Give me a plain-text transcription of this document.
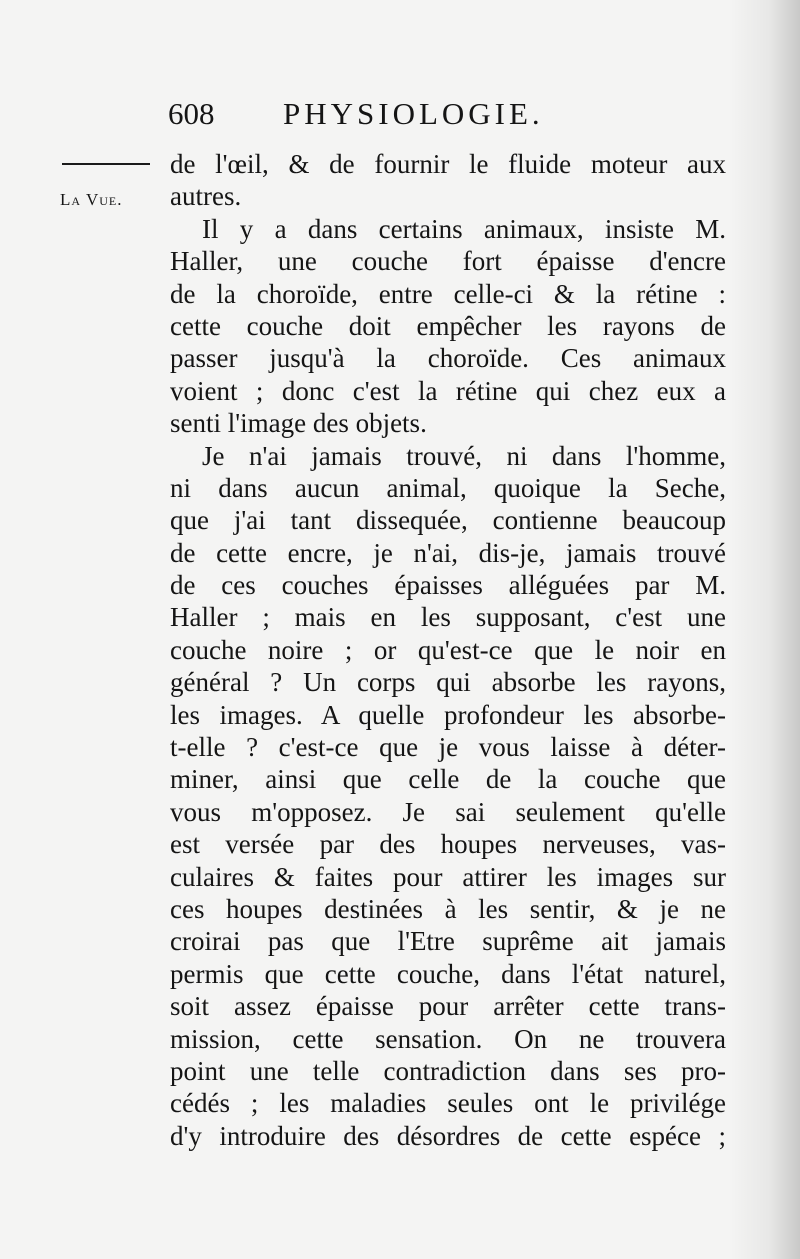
608 PHYSIOLOGIE.
La Vue.
de l'œil, & de fournir le fluide moteur aux
autres.
Il y a dans certains animaux, insiste M.
Haller, une couche fort épaisse d'encre
de la choroïde, entre celle-ci & la rétine :
cette couche doit empêcher les rayons de
passer jusqu'à la choroïde. Ces animaux
voient ; donc c'est la rétine qui chez eux a
senti l'image des objets.
Je n'ai jamais trouvé, ni dans l'homme,
ni dans aucun animal, quoique la Seche,
que j'ai tant dissequée, contienne beaucoup
de cette encre, je n'ai, dis-je, jamais trouvé
de ces couches épaisses alléguées par M.
Haller ; mais en les supposant, c'est une
couche noire ; or qu'est-ce que le noir en
général ? Un corps qui absorbe les rayons,
les images. A quelle profondeur les absorbe-
t-elle ? c'est-ce que je vous laisse à déter-
miner, ainsi que celle de la couche que
vous m'opposez. Je sai seulement qu'elle
est versée par des houpes nerveuses, vas-
culaires & faites pour attirer les images sur
ces houpes destinées à les sentir, & je ne
croirai pas que l'Etre suprême ait jamais
permis que cette couche, dans l'état naturel,
soit assez épaisse pour arrêter cette trans-
mission, cette sensation. On ne trouvera
point une telle contradiction dans ses pro-
cédés ; les maladies seules ont le privilége
d'y introduire des désordres de cette espéce ;
